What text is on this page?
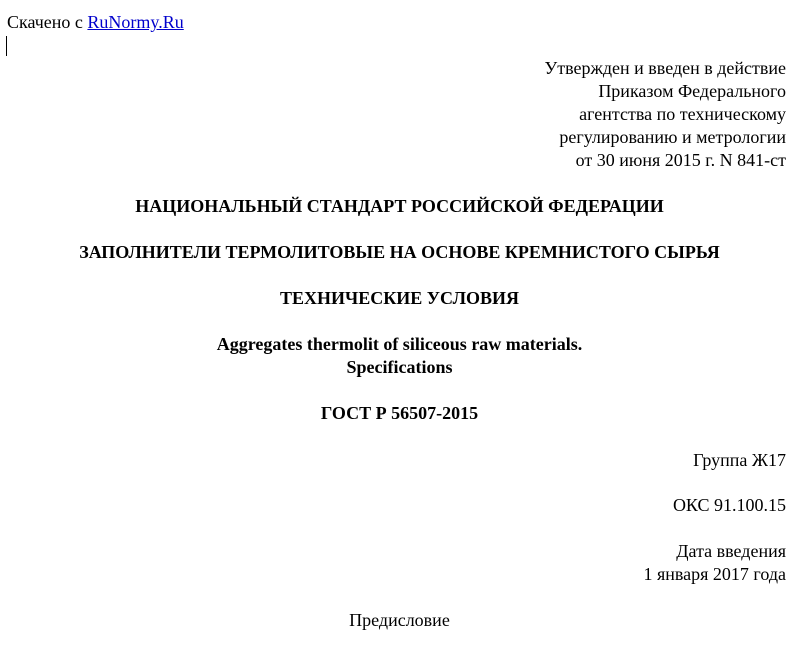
Скачено с RuNormy.Ru
Утвержден и введен в действие
Приказом Федерального
агентства по техническому
регулированию и метрологии
от 30 июня 2015 г. N 841-ст
НАЦИОНАЛЬНЫЙ СТАНДАРТ РОССИЙСКОЙ ФЕДЕРАЦИИ
ЗАПОЛНИТЕЛИ ТЕРМОЛИТОВЫЕ НА ОСНОВЕ КРЕМНИСТОГО СЫРЬЯ
ТЕХНИЧЕСКИЕ УСЛОВИЯ
Aggregates thermolit of siliceous raw materials.
Specifications
ГОСТ Р 56507-2015
Группа Ж17
ОКС 91.100.15
Дата введения
1 января 2017 года
Предисловие
